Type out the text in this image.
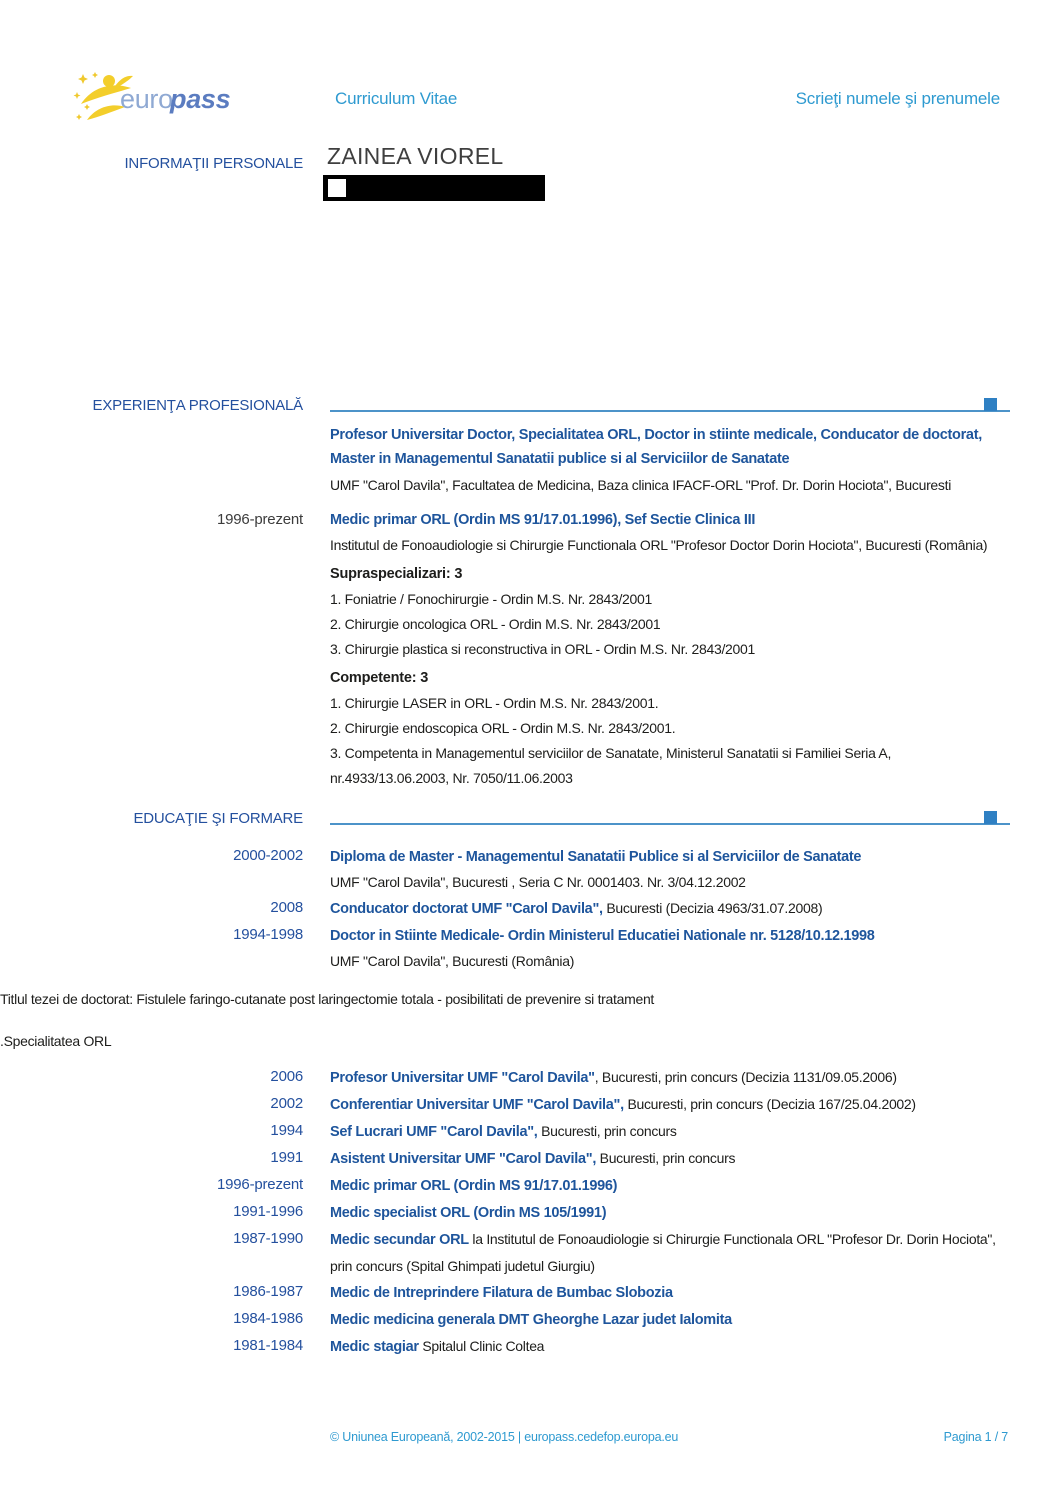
euro
pass	Curriculum Vitae	Scrieţi numele şi prenumele
INFORMAŢII PERSONALE ZAINEA VIOREL
EXPERIENŢA PROFESIONALĂ
Profesor Universitar Doctor, Specialitatea ORL, Doctor in stiinte medicale, Conducator de doctorat, Master in Managementul Sanatatii publice si al Serviciilor de Sanatate
UMF "Carol Davila", Facultatea de Medicina, Baza clinica IFACF-ORL "Prof. Dr. Dorin Hociota", Bucuresti
1996-prezent Medic primar ORL (Ordin MS 91/17.01.1996), Sef Sectie Clinica III
Institutul de Fonoaudiologie si Chirurgie Functionala ORL "Profesor Doctor Dorin Hociota", Bucuresti (România)
Supraspecializari: 3
1. Foniatrie / Fonochirurgie - Ordin M.S. Nr. 2843/2001
2. Chirurgie oncologica ORL - Ordin M.S. Nr. 2843/2001
3. Chirurgie plastica si reconstructiva in ORL - Ordin M.S. Nr. 2843/2001
Competente: 3
1. Chirurgie LASER in ORL - Ordin M.S. Nr. 2843/2001.
2. Chirurgie endoscopica ORL - Ordin M.S. Nr. 2843/2001.
3. Competenta in Managementul serviciilor de Sanatate, Ministerul Sanatatii si Familiei Seria A, nr.4933/13.06.2003, Nr. 7050/11.06.2003
EDUCAŢIE ŞI FORMARE
2000-2002 Diploma de Master - Managementul Sanatatii Publice si al Serviciilor de Sanatate
UMF "Carol Davila", Bucuresti , Seria C Nr. 0001403. Nr. 3/04.12.2002
2008 Conducator doctorat UMF "Carol Davila", Bucuresti (Decizia 4963/31.07.2008)
1994-1998 Doctor in Stiinte Medicale- Ordin Ministerul Educatiei Nationale nr. 5128/10.12.1998
UMF "Carol Davila", Bucuresti (România)
Titlul tezei de doctorat: Fistulele faringo-cutanate post laringectomie totala - posibilitati de prevenire si tratament .Specialitatea ORL
2006 Profesor Universitar UMF "Carol Davila", Bucuresti, prin concurs (Decizia 1131/09.05.2006)
2002 Conferentiar Universitar UMF "Carol Davila", Bucuresti, prin concurs (Decizia 167/25.04.2002)
1994 Sef Lucrari UMF "Carol Davila", Bucuresti, prin concurs
1991 Asistent Universitar UMF "Carol Davila", Bucuresti, prin concurs
1996-prezent Medic primar ORL (Ordin MS 91/17.01.1996)
1991-1996 Medic specialist ORL (Ordin MS 105/1991)
1987-1990 Medic secundar ORL la Institutul de Fonoaudiologie si Chirurgie Functionala ORL "Profesor Dr. Dorin Hociota", prin concurs (Spital Ghimpati judetul Giurgiu)
1986-1987 Medic de Intreprindere Filatura de Bumbac Slobozia
1984-1986 Medic medicina generala DMT Gheorghe Lazar judet Ialomita
1981-1984 Medic stagiar Spitalul Clinic Coltea
© Uniunea Europeană, 2002-2015 | europass.cedefop.europa.eu	Pagina 1 / 7
